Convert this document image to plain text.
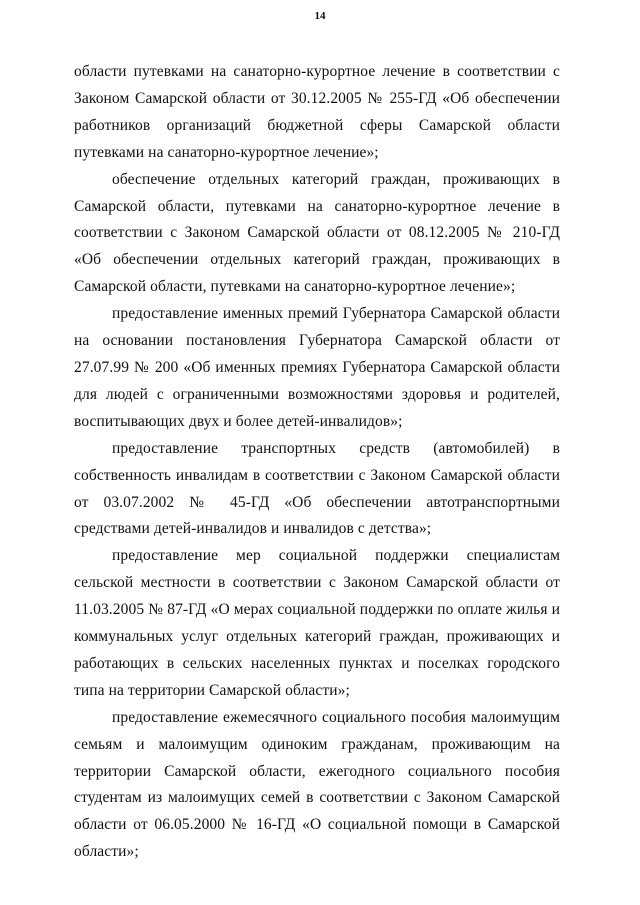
14

области путевками на санаторно-курортное лечение в соответствии с Законом Самарской области от 30.12.2005 № 255-ГД «Об обеспечении работников организаций бюджетной сферы Самарской области путевками на санаторно-курортное лечение»;

обеспечение отдельных категорий граждан, проживающих в Самарской области, путевками на санаторно-курортное лечение в соответствии с Законом Самарской области от 08.12.2005 № 210-ГД «Об обеспечении отдельных категорий граждан, проживающих в Самарской области, путевками на санаторно-курортное лечение»;

предоставление именных премий Губернатора Самарской области на основании постановления Губернатора Самарской области от 27.07.99 № 200 «Об именных премиях Губернатора Самарской области для людей с ограниченными возможностями здоровья и родителей, воспитывающих двух и более детей-инвалидов»;

предоставление транспортных средств (автомобилей) в собственность инвалидам в соответствии с Законом Самарской области от 03.07.2002 № 45-ГД «Об обеспечении автотранспортными средствами детей-инвалидов и инвалидов с детства»;

предоставление мер социальной поддержки специалистам сельской местности в соответствии с Законом Самарской области от 11.03.2005 № 87-ГД «О мерах социальной поддержки по оплате жилья и коммунальных услуг отдельных категорий граждан, проживающих и работающих в сельских населенных пунктах и поселках городского типа на территории Самарской области»;

предоставление ежемесячного социального пособия малоимущим семьям и малоимущим одиноким гражданам, проживающим на территории Самарской области, ежегодного социального пособия студентам из малоимущих семей в соответствии с Законом Самарской области от 06.05.2000 № 16-ГД «О социальной помощи в Самарской области»;
